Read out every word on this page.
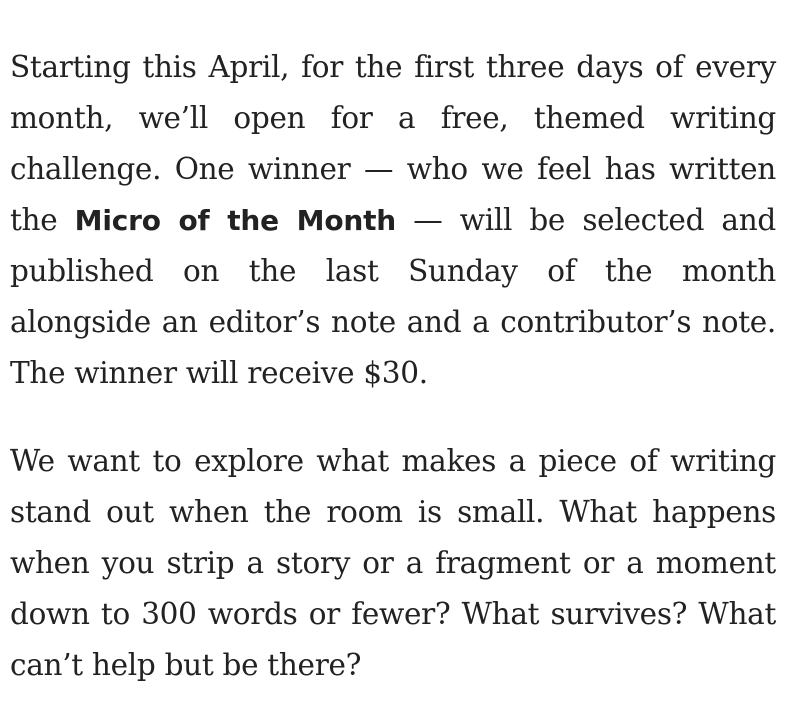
Starting this April, for the first three days of every month, we’ll open for a free, themed writing challenge. One winner — who we feel has written the Micro of the Month — will be selected and published on the last Sunday of the month alongside an editor’s note and a contributor’s note. The winner will receive $30.

We want to explore what makes a piece of writing stand out when the room is small. What happens when you strip a story or a fragment or a moment down to 300 words or fewer? What survives? What can’t help but be there?
